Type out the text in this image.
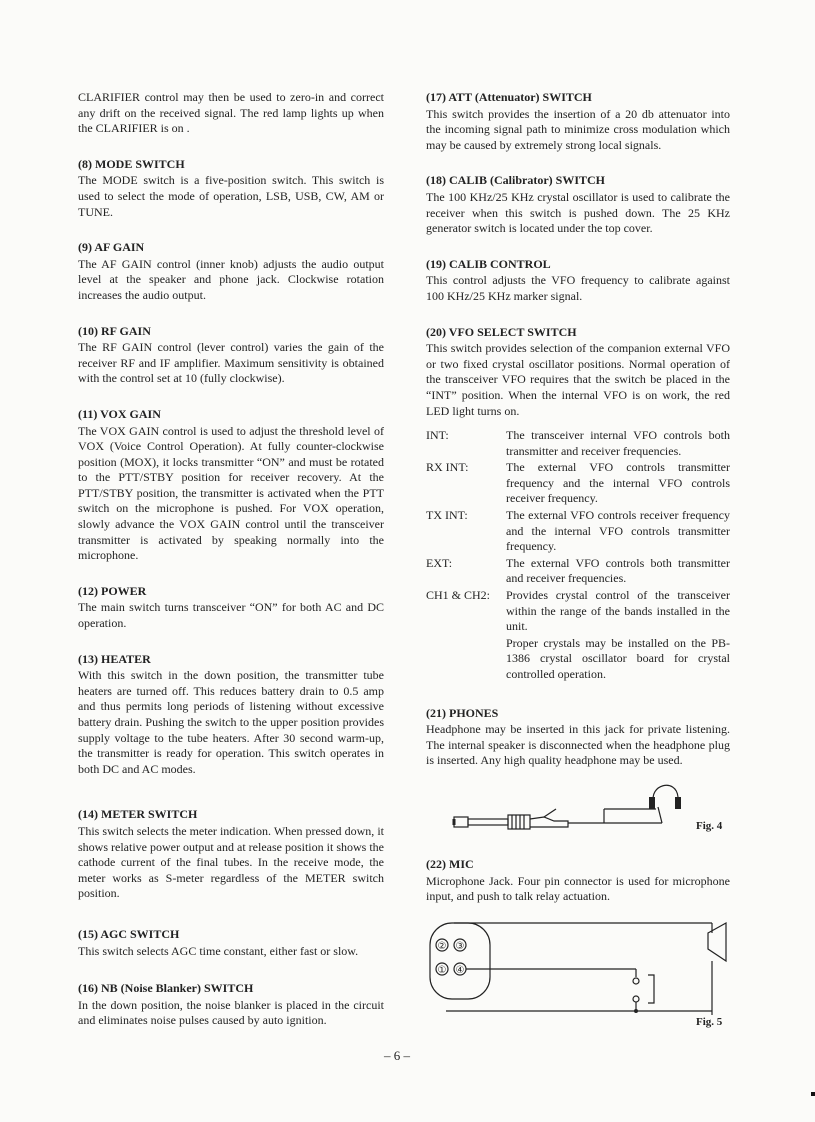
CLARIFIER control may then be used to zero-in and correct any drift on the received signal. The red lamp lights up when the CLARIFIER is on .

(8) MODE SWITCH

The MODE switch is a five-position switch. This switch is used to select the mode of operation, LSB, USB, CW, AM or TUNE.

(9) AF GAIN

The AF GAIN control (inner knob) adjusts the audio output level at the speaker and phone jack. Clockwise rotation increases the audio output.

(10) RF GAIN

The RF GAIN control (lever control) varies the gain of the receiver RF and IF amplifier. Maximum sensitivity is obtained with the control set at 10 (fully clockwise).

(11) VOX GAIN

The VOX GAIN control is used to adjust the threshold level of VOX (Voice Control Operation). At fully counter-clockwise position (MOX), it locks transmitter “ON” and must be rotated to the PTT/STBY position for receiver recovery. At the PTT/STBY position, the transmitter is activated when the PTT switch on the microphone is pushed. For VOX operation, slowly advance the VOX GAIN control until the transceiver transmitter is activated by speaking normally into the microphone.

(12) POWER

The main switch turns transceiver “ON” for both AC and DC operation.

(13) HEATER

With this switch in the down position, the transmitter tube heaters are turned off. This reduces battery drain to 0.5 amp and thus permits long periods of listening without excessive battery drain. Pushing the switch to the upper position provides supply voltage to the tube heaters. After 30 second warm-up, the transmitter is ready for operation. This switch operates in both DC and AC modes.

(14) METER SWITCH

This switch selects the meter indication. When pressed down, it shows relative power output and at release position it shows the cathode current of the final tubes. In the receive mode, the meter works as S-meter regardless of the METER switch position.

(15) AGC SWITCH

This switch selects AGC time constant, either fast or slow.

(16) NB (Noise Blanker) SWITCH

In the down position, the noise blanker is placed in the circuit and eliminates noise pulses caused by auto ignition.

(17) ATT (Attenuator) SWITCH

This switch provides the insertion of a 20 db attenuator into the incoming signal path to minimize cross modulation which may be caused by extremely strong local signals.

(18) CALIB (Calibrator) SWITCH

The 100 KHz/25 KHz crystal oscillator is used to calibrate the receiver when this switch is pushed down. The 25 KHz generator switch is located under the top cover.

(19) CALIB CONTROL

This control adjusts the VFO frequency to calibrate against 100 KHz/25 KHz marker signal.

(20) VFO SELECT SWITCH

This switch provides selection of the companion external VFO or two fixed crystal oscillator positions. Normal operation of the transceiver VFO requires that the switch be placed in the “INT” position. When the internal VFO is on work, the red LED light turns on.

INT:	The transceiver internal VFO controls both transmitter and receiver frequencies.
RX INT:	The external VFO controls transmitter frequency and the internal VFO controls receiver frequency.
TX INT:	The external VFO controls receiver frequency and the internal VFO controls transmitter frequency.
EXT:	The external VFO controls both transmitter and receiver frequencies.
CH1 & CH2:	Provides crystal control of the transceiver within the range of the bands installed in the unit.
	Proper crystals may be installed on the PB-1386 crystal oscillator board for crystal controlled operation.
(21) PHONES

Headphone may be inserted in this jack for private listening. The internal speaker is disconnected when the headphone plug is inserted. Any high quality headphone may be used.

Fig. 4
(22) MIC

Microphone Jack. Four pin connector is used for microphone input, and push to talk relay actuation.

② ③
① ④
Fig. 5
– 6 –
